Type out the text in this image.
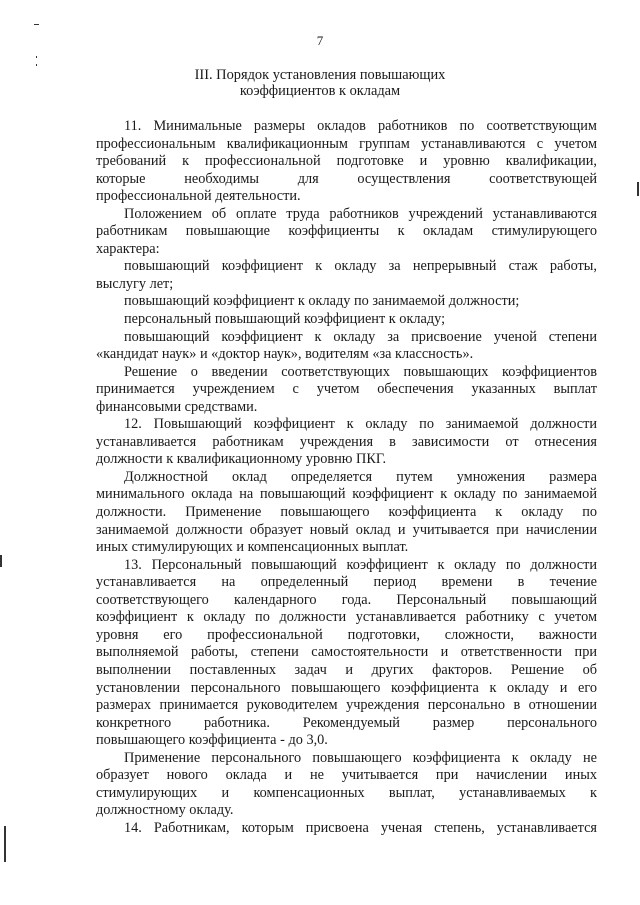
7
III. Порядок установления повышающих
коэффициентов к окладам
11. Минимальные размеры окладов работников по соответствующим
профессиональным квалификационным группам устанавливаются с учетом
требований к профессиональной подготовке и уровню квалификации,
которые необходимы для осуществления соответствующей
профессиональной деятельности.
Положением об оплате труда работников учреждений устанавливаются
работникам повышающие коэффициенты к окладам стимулирующего
характера:
повышающий коэффициент к окладу за непрерывный стаж работы,
выслугу лет;
повышающий коэффициент к окладу по занимаемой должности;
персональный повышающий коэффициент к окладу;
повышающий коэффициент к окладу за присвоение ученой степени
«кандидат наук» и «доктор наук», водителям «за классность».
Решение о введении соответствующих повышающих коэффициентов
принимается учреждением с учетом обеспечения указанных выплат
финансовыми средствами.
12. Повышающий коэффициент к окладу по занимаемой должности
устанавливается работникам учреждения в зависимости от отнесения
должности к квалификационному уровню ПКГ.
Должностной оклад определяется путем умножения размера
минимального оклада на повышающий коэффициент к окладу по занимаемой
должности. Применение повышающего коэффициента к окладу по
занимаемой должности образует новый оклад и учитывается при начислении
иных стимулирующих и компенсационных выплат.
13. Персональный повышающий коэффициент к окладу по должности
устанавливается на определенный период времени в течение
соответствующего календарного года. Персональный повышающий
коэффициент к окладу по должности устанавливается работнику с учетом
уровня его профессиональной подготовки, сложности, важности
выполняемой работы, степени самостоятельности и ответственности при
выполнении поставленных задач и других факторов. Решение об
установлении персонального повышающего коэффициента к окладу и его
размерах принимается руководителем учреждения персонально в отношении
конкретного работника. Рекомендуемый размер персонального
повышающего коэффициента - до 3,0.
Применение персонального повышающего коэффициента к окладу не
образует нового оклада и не учитывается при начислении иных
стимулирующих и компенсационных выплат, устанавливаемых к
должностному окладу.
14. Работникам, которым присвоена ученая степень, устанавливается
